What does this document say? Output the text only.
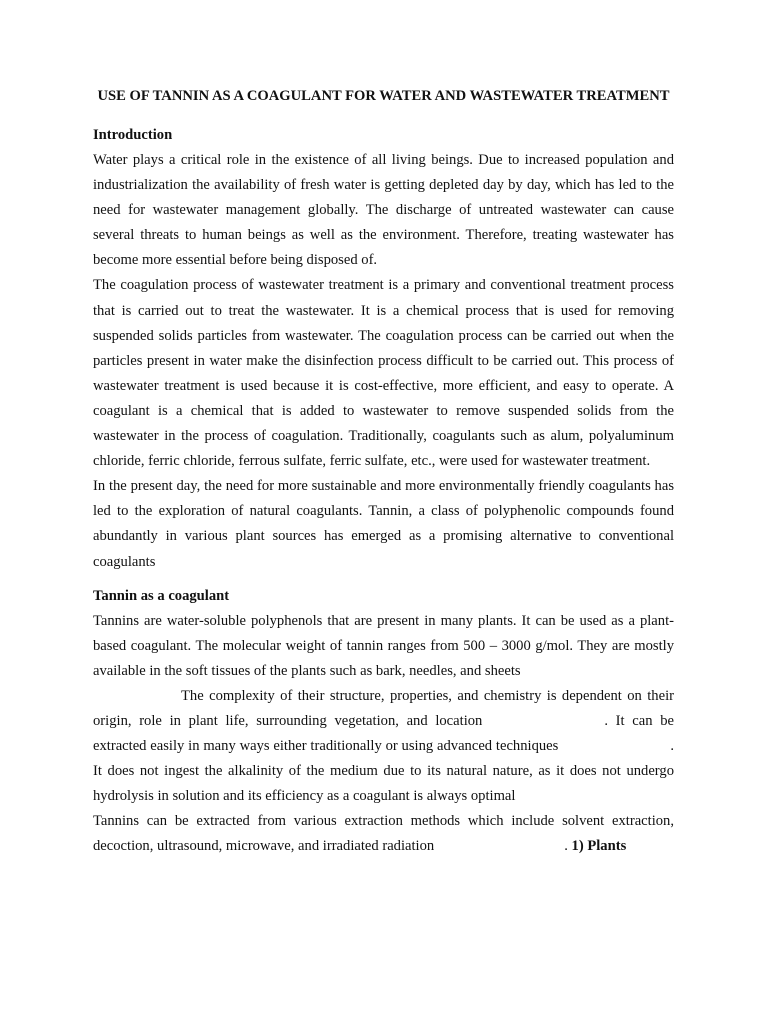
USE OF TANNIN AS A COAGULANT FOR WATER AND WASTEWATER TREATMENT
Introduction

Water plays a critical role in the existence of all living beings. Due to increased population and industrialization the availability of fresh water is getting depleted day by day, which has led to the need for wastewater management globally. The discharge of untreated wastewater can cause several threats to human beings as well as the environment. Therefore, treating wastewater has become more essential before being disposed of.

The coagulation process of wastewater treatment is a primary and conventional treatment process that is carried out to treat the wastewater. It is a chemical process that is used for removing suspended solids particles from wastewater. The coagulation process can be carried out when the particles present in water make the disinfection process difficult to be carried out. This process of wastewater treatment is used because it is cost-effective, more efficient, and easy to operate. A coagulant is a chemical that is added to wastewater to remove suspended solids from the wastewater in the process of coagulation. Traditionally, coagulants such as alum, polyaluminum chloride, ferric chloride, ferrous sulfate, ferric sulfate, etc., were used for wastewater treatment.

In the present day, the need for more sustainable and more environmentally friendly coagulants has led to the exploration of natural coagulants. Tannin, a class of polyphenolic compounds found abundantly in various plant sources has emerged as a promising alternative to conventional coagulants

Tannin as a coagulant

Tannins are water-soluble polyphenols that are present in many plants. It can be used as a plant-based coagulant. The molecular weight of tannin ranges from 500 – 3000 g/mol. They are mostly available in the soft tissues of the plants such as bark, needles, and sheets

The complexity of their structure, properties, and chemistry is dependent on their origin, role in plant life, surrounding vegetation, and location	. It can be extracted easily in many ways either traditionally or using advanced techniques	. It does not ingest the alkalinity of the medium due to its natural nature, as it does not undergo hydrolysis in solution and its efficiency as a coagulant is always optimal

Tannins can be extracted from various extraction methods which include solvent extraction, decoction, ultrasound, microwave, and irradiated radiation	. 1) Plants
